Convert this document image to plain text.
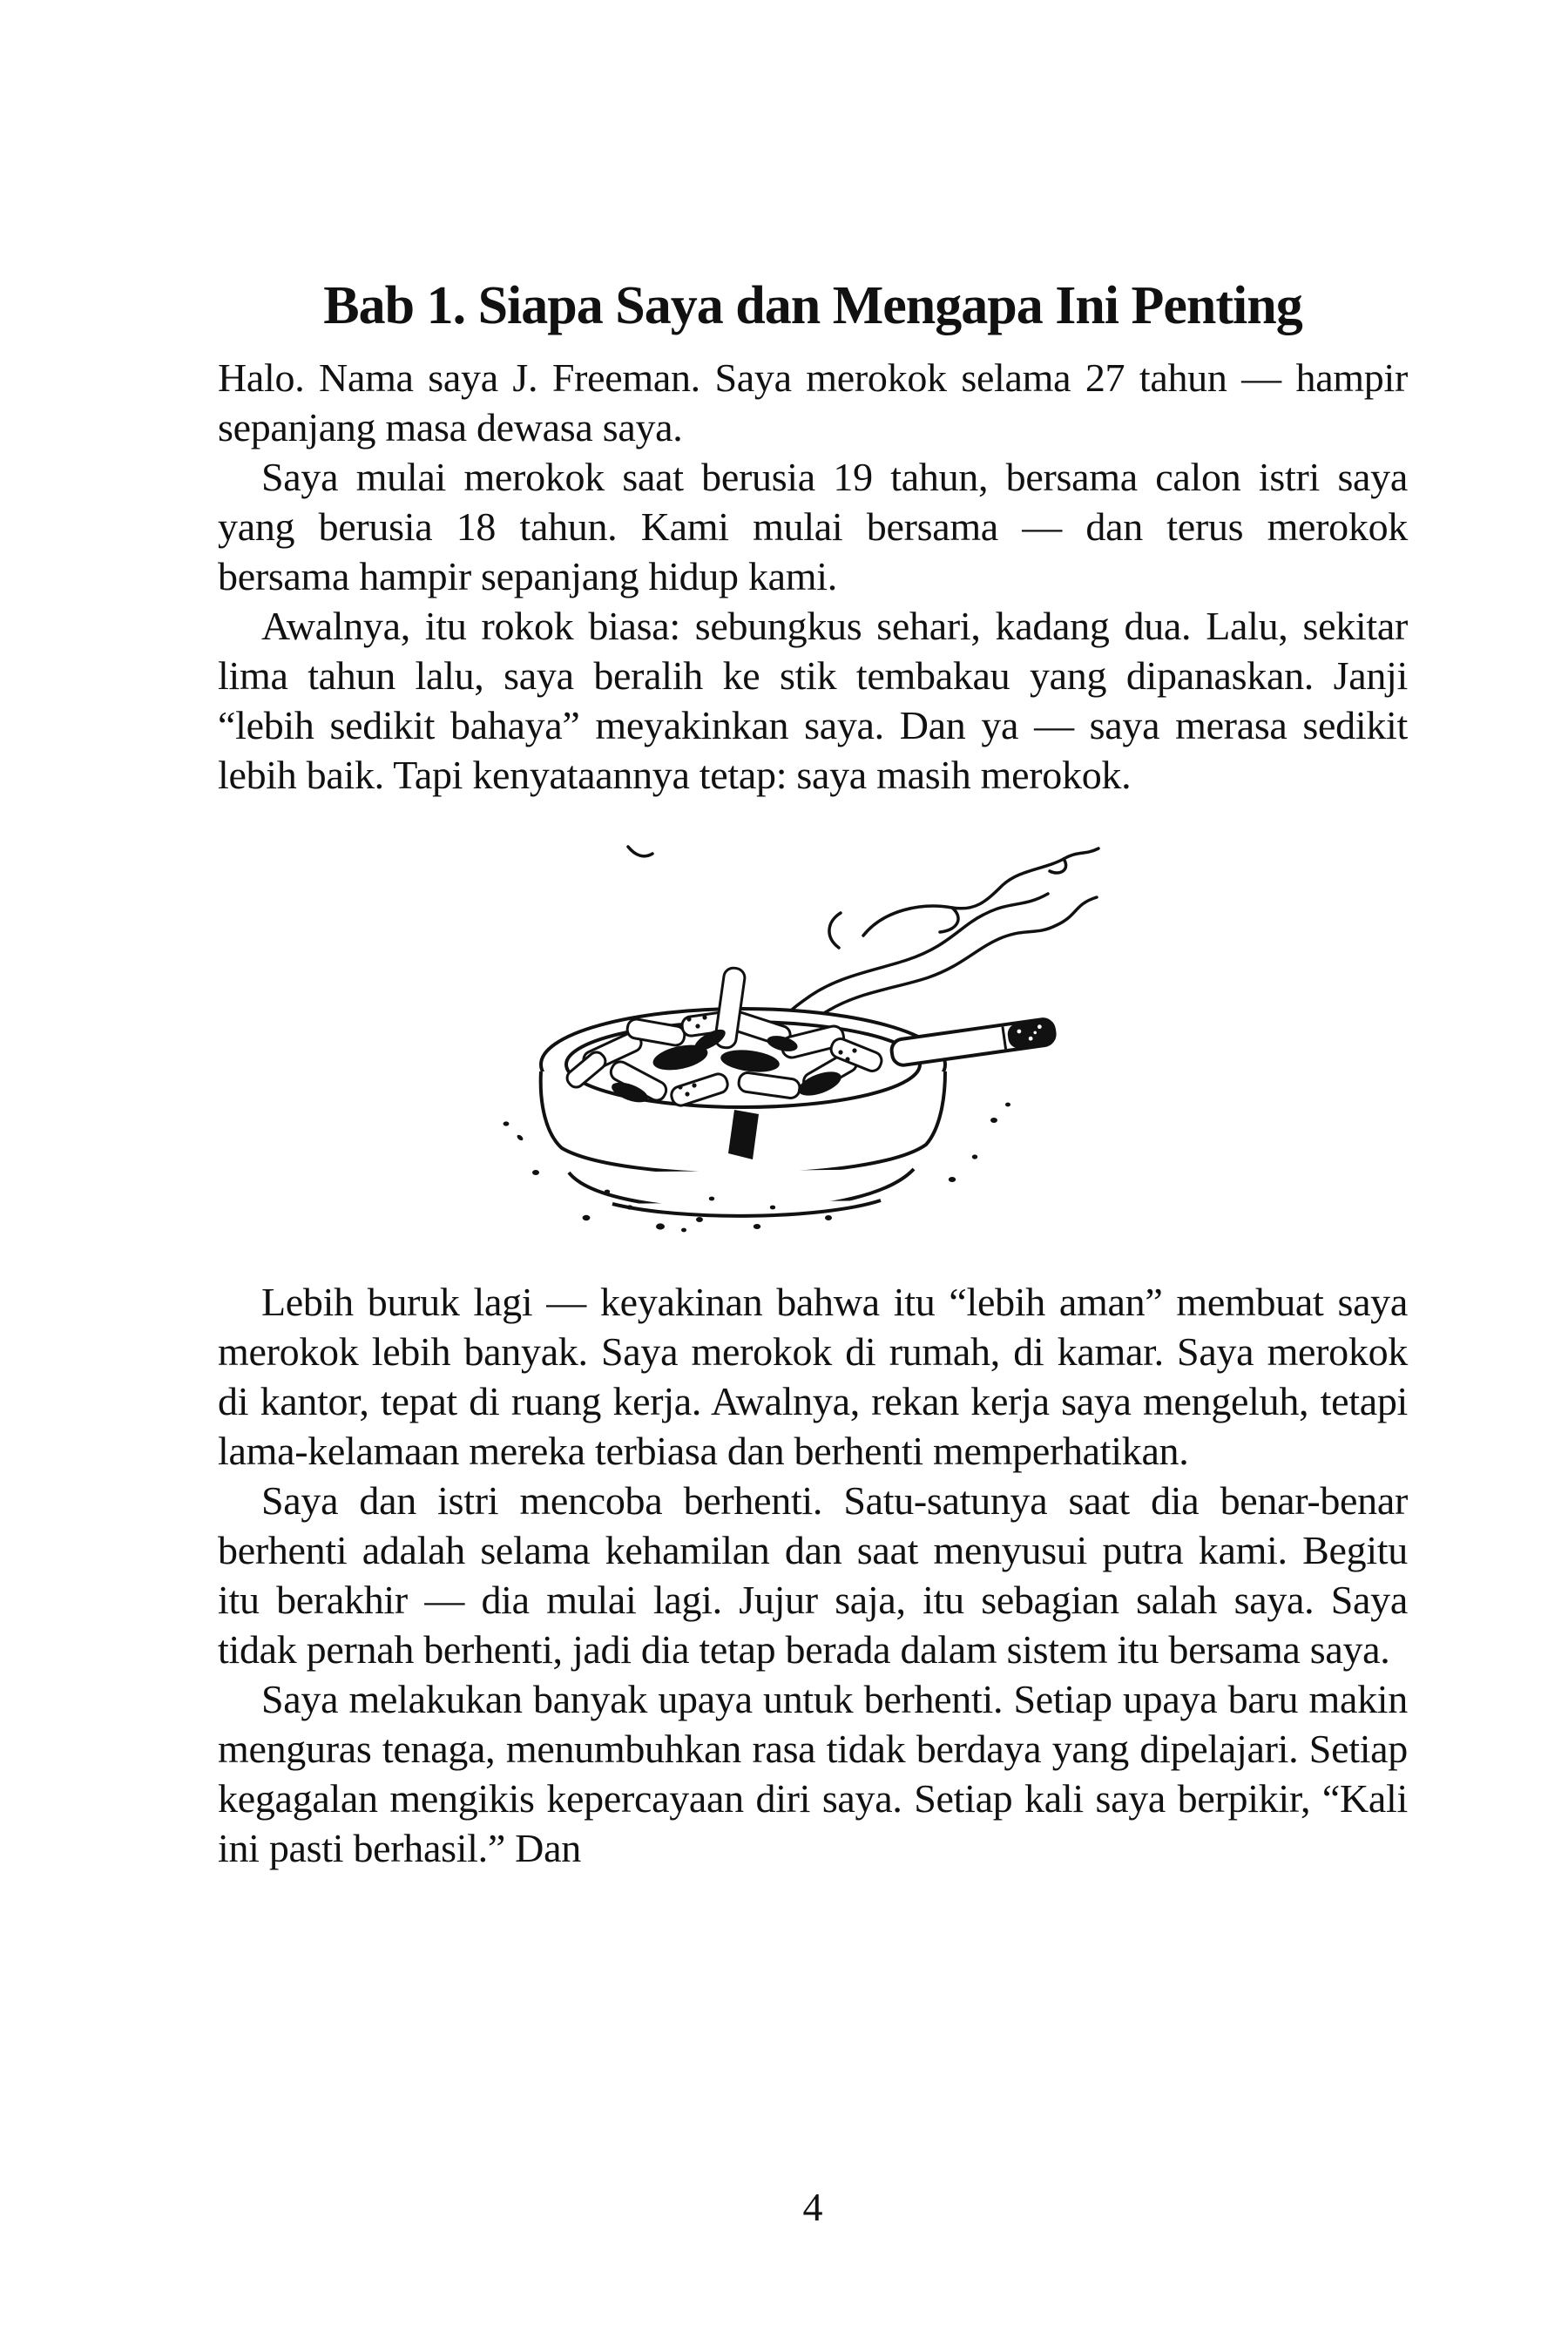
Bab 1. Siapa Saya dan Mengapa Ini Penting

Halo. Nama saya J. Freeman. Saya merokok selama 27 tahun — hampir sepanjang masa dewasa saya.

Saya mulai merokok saat berusia 19 tahun, bersama calon istri saya yang berusia 18 tahun. Kami mulai bersama — dan terus merokok bersama hampir sepanjang hidup kami.

Awalnya, itu rokok biasa: sebungkus sehari, kadang dua. Lalu, sekitar lima tahun lalu, saya beralih ke stik tembakau yang dipanaskan. Janji “lebih sedikit bahaya” meyakinkan saya. Dan ya — saya merasa sedikit lebih baik. Tapi kenyataannya tetap: saya masih merokok.

Lebih buruk lagi — keyakinan bahwa itu “lebih aman” membuat saya merokok lebih banyak. Saya merokok di rumah, di kamar. Saya merokok di kantor, tepat di ruang kerja. Awalnya, rekan kerja saya mengeluh, tetapi lama-kelamaan mereka terbiasa dan berhenti memperhatikan.

Saya dan istri mencoba berhenti. Satu-satunya saat dia benar-benar berhenti adalah selama kehamilan dan saat menyusui putra kami. Begitu itu berakhir — dia mulai lagi. Jujur saja, itu sebagian salah saya. Saya tidak pernah berhenti, jadi dia tetap berada dalam sistem itu bersama saya.

Saya melakukan banyak upaya untuk berhenti. Setiap upaya baru makin menguras tenaga, menumbuhkan rasa tidak berdaya yang dipelajari. Setiap kegagalan mengikis kepercayaan diri saya. Setiap kali saya berpikir, “Kali ini pasti berhasil.” Dan

4
